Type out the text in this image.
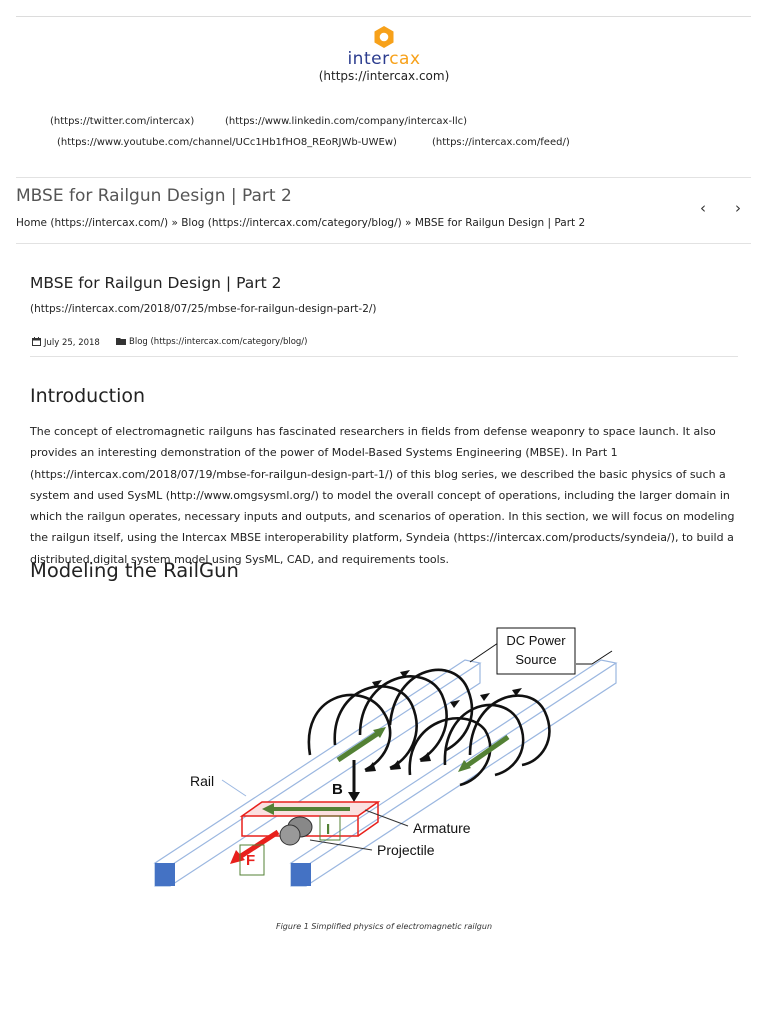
intercax
(https://intercax.com)
(https://twitter.com/intercax)	(https://www.linkedin.com/company/intercax-llc)
(https://www.youtube.com/channel/UCc1Hb1fHO8_REoRJWb-UWEw)	(https://intercax.com/feed/)
MBSE for Railgun Design | Part 2
Home (https://intercax.com/) » Blog (https://intercax.com/category/blog/) » MBSE for Railgun Design | Part 2
‹ ›
MBSE for Railgun Design | Part 2
(https://intercax.com/2018/07/25/mbse-for-railgun-design-part-2/)
July 25, 2018	Blog (https://intercax.com/category/blog/)
Introduction

The concept of electromagnetic railguns has fascinated researchers in fields from defense weaponry to space launch. It also provides an interesting demonstration of the power of Model-Based Systems Engineering (MBSE). In Part 1 (https://intercax.com/2018/07/19/mbse-for-railgun-design-part-1/) of this blog series, we described the basic physics of such a system and used SysML (http://www.omgsysml.org/) to model the overall concept of operations, including the larger domain in which the railgun operates, necessary inputs and outputs, and scenarios of operation. In this section, we will focus on modeling the railgun itself, using the Intercax MBSE interoperability platform, Syndeia (https://intercax.com/products/syndeia/), to build a distributed digital system model using SysML, CAD, and requirements tools.

Modeling the RailGun
DC Power
Source
B
I
F
Rail
Armature
Projectile
Figure 1 Simplified physics of electromagnetic railgun
